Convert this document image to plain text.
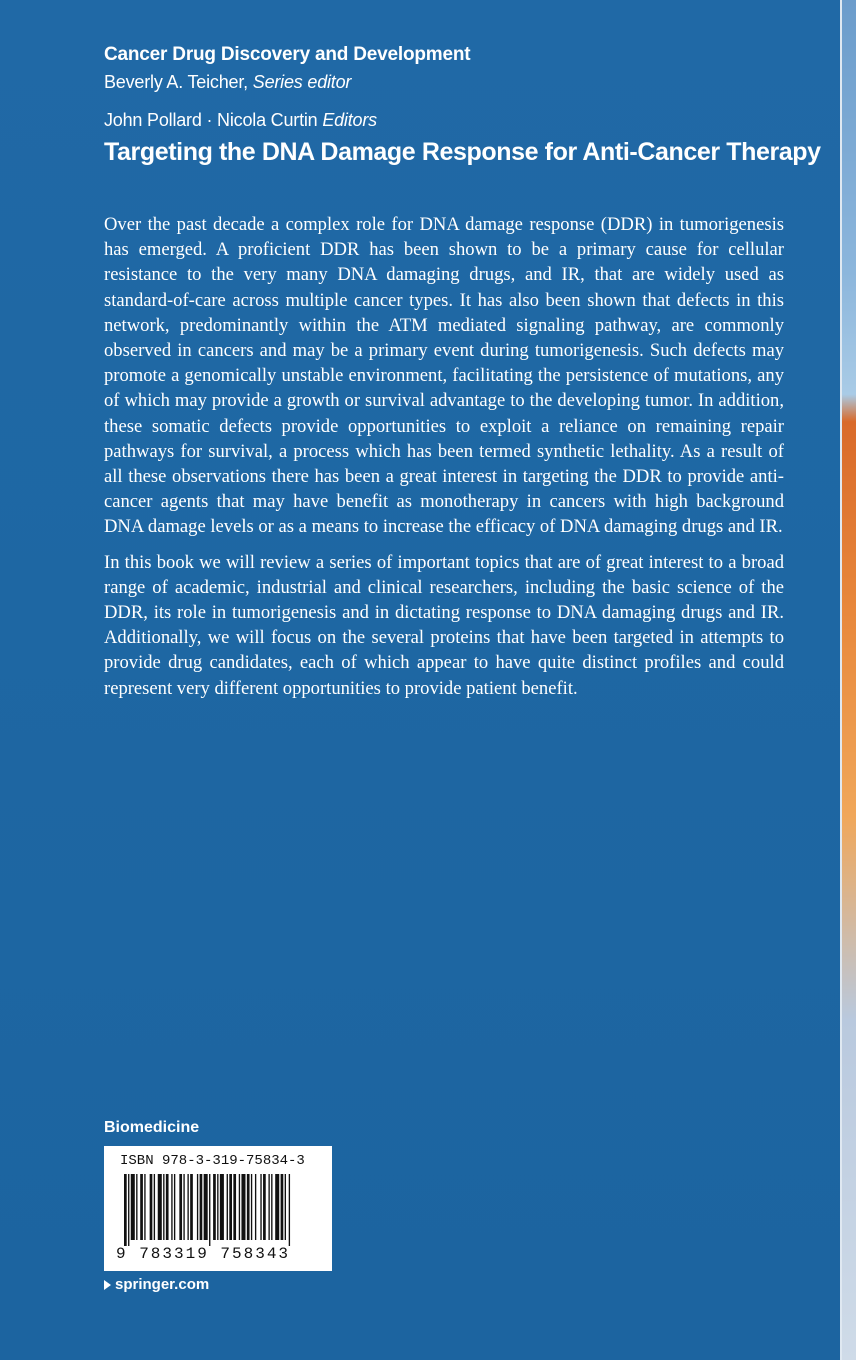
Cancer Drug Discovery and Development
Beverly A. Teicher, Series editor
John Pollard · Nicola Curtin Editors
Targeting the DNA Damage Response for Anti-Cancer Therapy

Over the past decade a complex role for DNA damage response (DDR) in tumorigenesis has emerged. A proficient DDR has been shown to be a primary cause for cellular resistance to the very many DNA damaging drugs, and IR, that are widely used as standard-of-care across multiple cancer types. It has also been shown that defects in this network, predominantly within the ATM mediated signaling pathway, are commonly observed in cancers and may be a primary event during tumorigenesis. Such defects may promote a genomically unstable environment, facilitating the persistence of mutations, any of which may provide a growth or survival advantage to the developing tumor. In addition, these somatic defects provide opportunities to exploit a reliance on remaining repair pathways for survival, a process which has been termed synthetic lethality. As a result of all these observations there has been a great interest in targeting the DDR to provide anti-cancer agents that may have benefit as monotherapy in cancers with high background DNA damage levels or as a means to increase the efficacy of DNA damaging drugs and IR.

In this book we will review a series of important topics that are of great interest to a broad range of academic, industrial and clinical researchers, including the basic science of the DDR, its role in tumorigenesis and in dictating response to DNA damaging drugs and IR. Additionally, we will focus on the several proteins that have been targeted in attempts to provide drug candidates, each of which appear to have quite distinct profiles and could represent very different opportunities to provide patient benefit.

Biomedicine
ISBN 978-3-319-75834-3
9 783319 758343
springer.com
